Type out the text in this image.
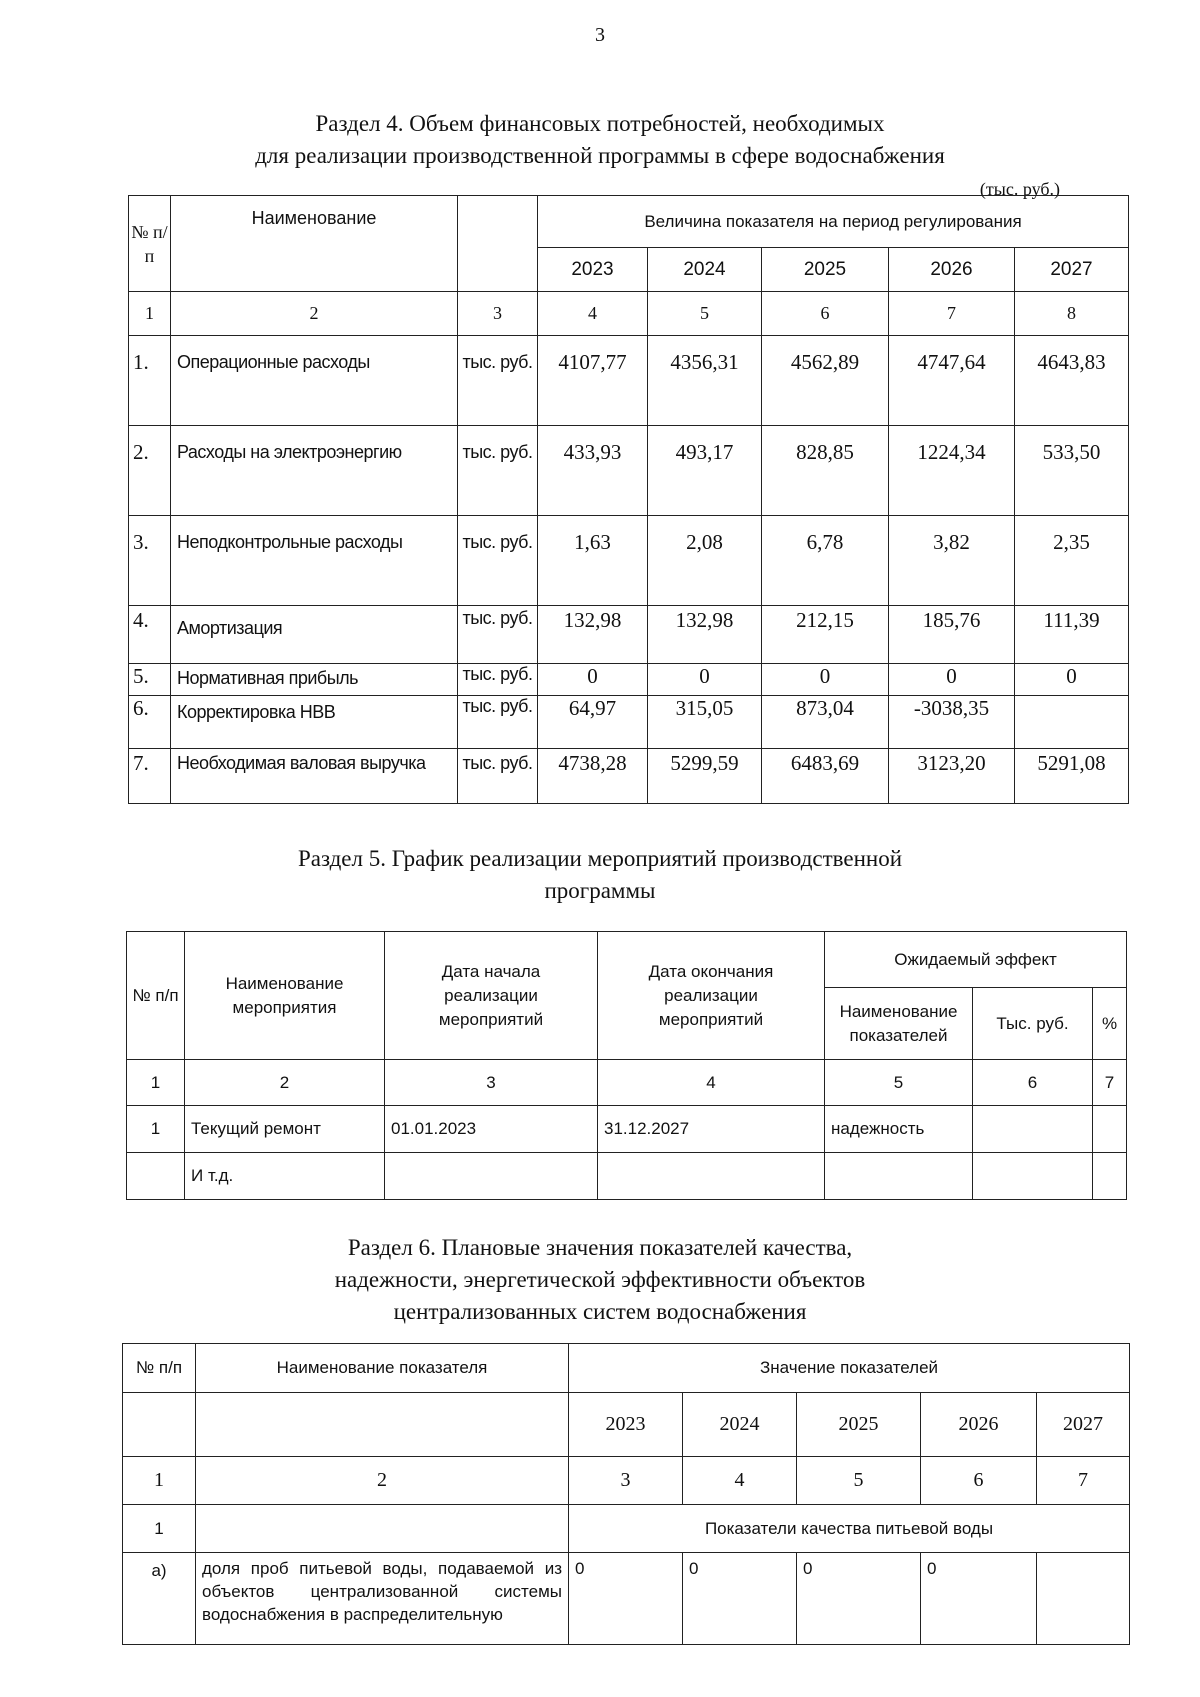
3
Раздел 4. Объем финансовых потребностей, необходимых
для реализации производственной программы в сфере водоснабжения
(тыс. руб.)
№ п/п	Наименование		Величина показателя на период регулирования				
			2023	2024	2025	2026	2027
1	2	3	4	5	6	7	8
1.	Операционные расходы	тыс. руб.	4107,77	4356,31	4562,89	4747,64	4643,83
2.	Расходы на электроэнергию	тыс. руб.	433,93	493,17	828,85	1224,34	533,50
3.	Неподконтрольные расходы	тыс. руб.	1,63	2,08	6,78	3,82	2,35
4.	Амортизация	тыс. руб.	132,98	132,98	212,15	185,76	111,39
5.	Нормативная прибыль	тыс. руб.	0	0	0	0	0
6.	Корректировка НВВ	тыс. руб.	64,97	315,05	873,04	-3038,35	
7.	Необходимая валовая выручка	тыс. руб.	4738,28	5299,59	6483,69	3123,20	5291,08
Раздел 5. График реализации мероприятий производственной
программы
№ п/п	Наименование мероприятия	Дата начала реализации мероприятий	Дата окончания реализации мероприятий	Ожидаемый эффект		
				Наименование показателей	Тыс. руб.	%
1	2	3	4	5	6	7
1	Текущий ремонт	01.01.2023	31.12.2027	надежность		
	И т.д.					
Раздел 6. Плановые значения показателей качества,
надежности, энергетической эффективности объектов
централизованных систем водоснабжения
№ п/п	Наименование показателя	Значение показателей				
		2023	2024	2025	2026	2027
1	2	3	4	5	6	7
1		Показатели качества питьевой воды				
а)	доля проб питьевой воды, подаваемой из объектов централизованной системы водоснабжения в распределительную	0	0	0	0	
